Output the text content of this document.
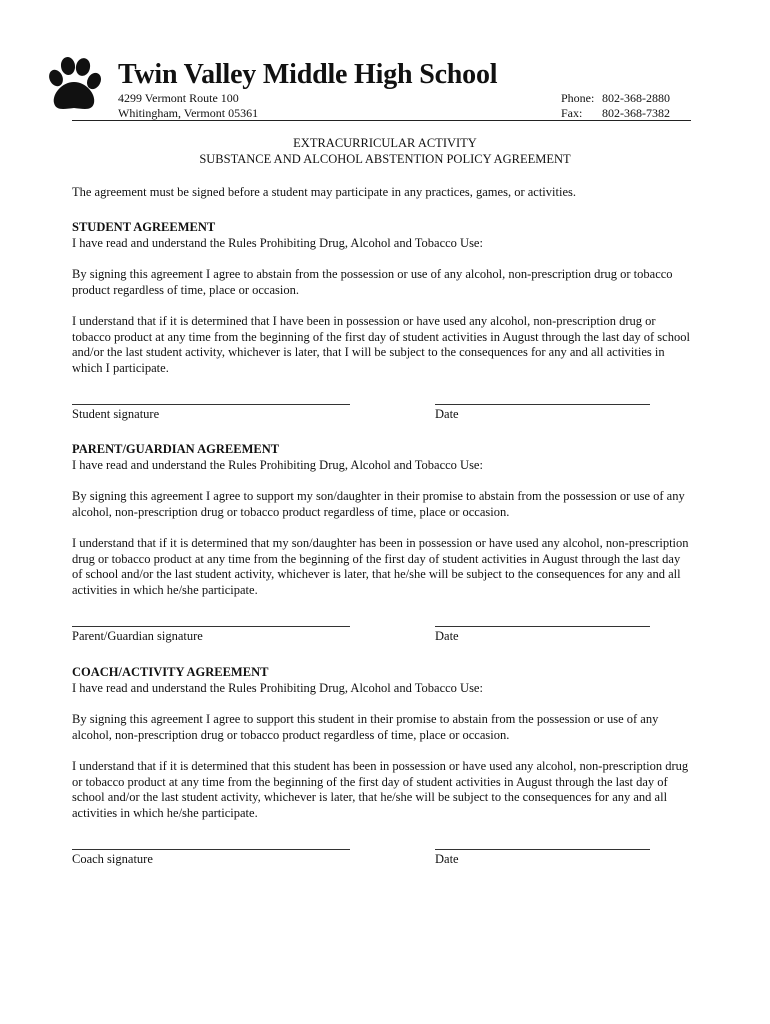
Twin Valley Middle High School
4299 Vermont Route 100
Whitingham, Vermont 05361
Phone: 802-368-2880
Fax: 802-368-7382
EXTRACURRICULAR ACTIVITY
SUBSTANCE AND ALCOHOL ABSTENTION POLICY AGREEMENT
The agreement must be signed before a student may participate in any practices, games, or activities.
STUDENT AGREEMENT
I have read and understand the Rules Prohibiting Drug, Alcohol and Tobacco Use:
By signing this agreement I agree to abstain from the possession or use of any alcohol, non-prescription drug or tobacco product regardless of time, place or occasion.
I understand that if it is determined that I have been in possession or have used any alcohol, non-prescription drug or tobacco product at any time from the beginning of the first day of student activities in August through the last day of school and/or the last student activity, whichever is later, that I will be subject to the consequences for any and all activities in which I participate.
Student signature	Date
PARENT/GUARDIAN AGREEMENT
I have read and understand the Rules Prohibiting Drug, Alcohol and Tobacco Use:
By signing this agreement I agree to support my son/daughter in their promise to abstain from the possession or use of any alcohol, non-prescription drug or tobacco product regardless of time, place or occasion.
I understand that if it is determined that my son/daughter has been in possession or have used any alcohol, non-prescription drug or tobacco product at any time from the beginning of the first day of student activities in August through the last day of school and/or the last student activity, whichever is later, that he/she will be subject to the consequences for any and all activities in which he/she participate.
Parent/Guardian signature	Date
COACH/ACTIVITY AGREEMENT
I have read and understand the Rules Prohibiting Drug, Alcohol and Tobacco Use:
By signing this agreement I agree to support this student in their promise to abstain from the possession or use of any alcohol, non-prescription drug or tobacco product regardless of time, place or occasion.
I understand that if it is determined that this student has been in possession or have used any alcohol, non-prescription drug or tobacco product at any time from the beginning of the first day of student activities in August through the last day of school and/or the last student activity, whichever is later, that he/she will be subject to the consequences for any and all activities in which he/she participate.
Coach signature	Date
